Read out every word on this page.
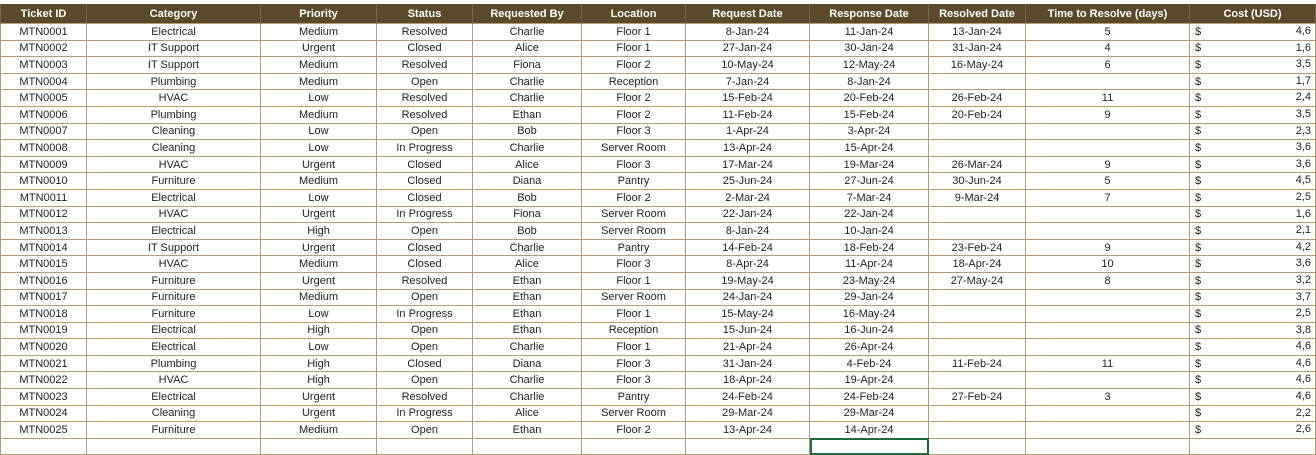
Ticket ID	Category	Priority	Status	Requested By	Location	Request Date	Response Date	Resolved Date	Time to Resolve (days)	Cost (USD)
MTN0001	Electrical	Medium	Resolved	Charlie	Floor 1	8-Jan-24	11-Jan-24	13-Jan-24	5	$ 4,6

MTN0002	IT Support	Urgent	Closed	Alice	Floor 1	27-Jan-24	30-Jan-24	31-Jan-24	4	$ 1,6

MTN0003	IT Support	Medium	Resolved	Fiona	Floor 2	10-May-24	12-May-24	16-May-24	6	$ 3,5

MTN0004	Plumbing	Medium	Open	Charlie	Reception	7-Jan-24	8-Jan-24			$ 1,7

MTN0005	HVAC	Low	Resolved	Charlie	Floor 2	15-Feb-24	20-Feb-24	26-Feb-24	11	$ 2,4

MTN0006	Plumbing	Medium	Resolved	Ethan	Floor 2	11-Feb-24	15-Feb-24	20-Feb-24	9	$ 3,5

MTN0007	Cleaning	Low	Open	Bob	Floor 3	1-Apr-24	3-Apr-24			$ 2,3

MTN0008	Cleaning	Low	In Progress	Charlie	Server Room	13-Apr-24	15-Apr-24			$ 3,6

MTN0009	HVAC	Urgent	Closed	Alice	Floor 3	17-Mar-24	19-Mar-24	26-Mar-24	9	$ 3,6

MTN0010	Furniture	Medium	Closed	Diana	Pantry	25-Jun-24	27-Jun-24	30-Jun-24	5	$ 4,5

MTN0011	Electrical	Low	Closed	Bob	Floor 2	2-Mar-24	7-Mar-24	9-Mar-24	7	$ 2,5

MTN0012	HVAC	Urgent	In Progress	Fiona	Server Room	22-Jan-24	22-Jan-24			$ 1,6

MTN0013	Electrical	High	Open	Bob	Server Room	8-Jan-24	10-Jan-24			$ 2,1

MTN0014	IT Support	Urgent	Closed	Charlie	Pantry	14-Feb-24	18-Feb-24	23-Feb-24	9	$ 4,2

MTN0015	HVAC	Medium	Closed	Alice	Floor 3	8-Apr-24	11-Apr-24	18-Apr-24	10	$ 3,6

MTN0016	Furniture	Urgent	Resolved	Ethan	Floor 1	19-May-24	23-May-24	27-May-24	8	$ 3,2

MTN0017	Furniture	Medium	Open	Ethan	Server Room	24-Jan-24	29-Jan-24			$ 3,7

MTN0018	Furniture	Low	In Progress	Ethan	Floor 1	15-May-24	16-May-24			$ 2,5

MTN0019	Electrical	High	Open	Ethan	Reception	15-Jun-24	16-Jun-24			$ 3,8

MTN0020	Electrical	Low	Open	Charlie	Floor 1	21-Apr-24	26-Apr-24			$ 4,6

MTN0021	Plumbing	High	Closed	Diana	Floor 3	31-Jan-24	4-Feb-24	11-Feb-24	11	$ 4,6

MTN0022	HVAC	High	Open	Charlie	Floor 3	18-Apr-24	19-Apr-24			$ 4,6

MTN0023	Electrical	Urgent	Resolved	Charlie	Pantry	24-Feb-24	24-Feb-24	27-Feb-24	3	$ 4,6

MTN0024	Cleaning	Urgent	In Progress	Alice	Server Room	29-Mar-24	29-Mar-24			$ 2,2

MTN0025	Furniture	Medium	Open	Ethan	Floor 2	13-Apr-24	14-Apr-24			$ 2,6
